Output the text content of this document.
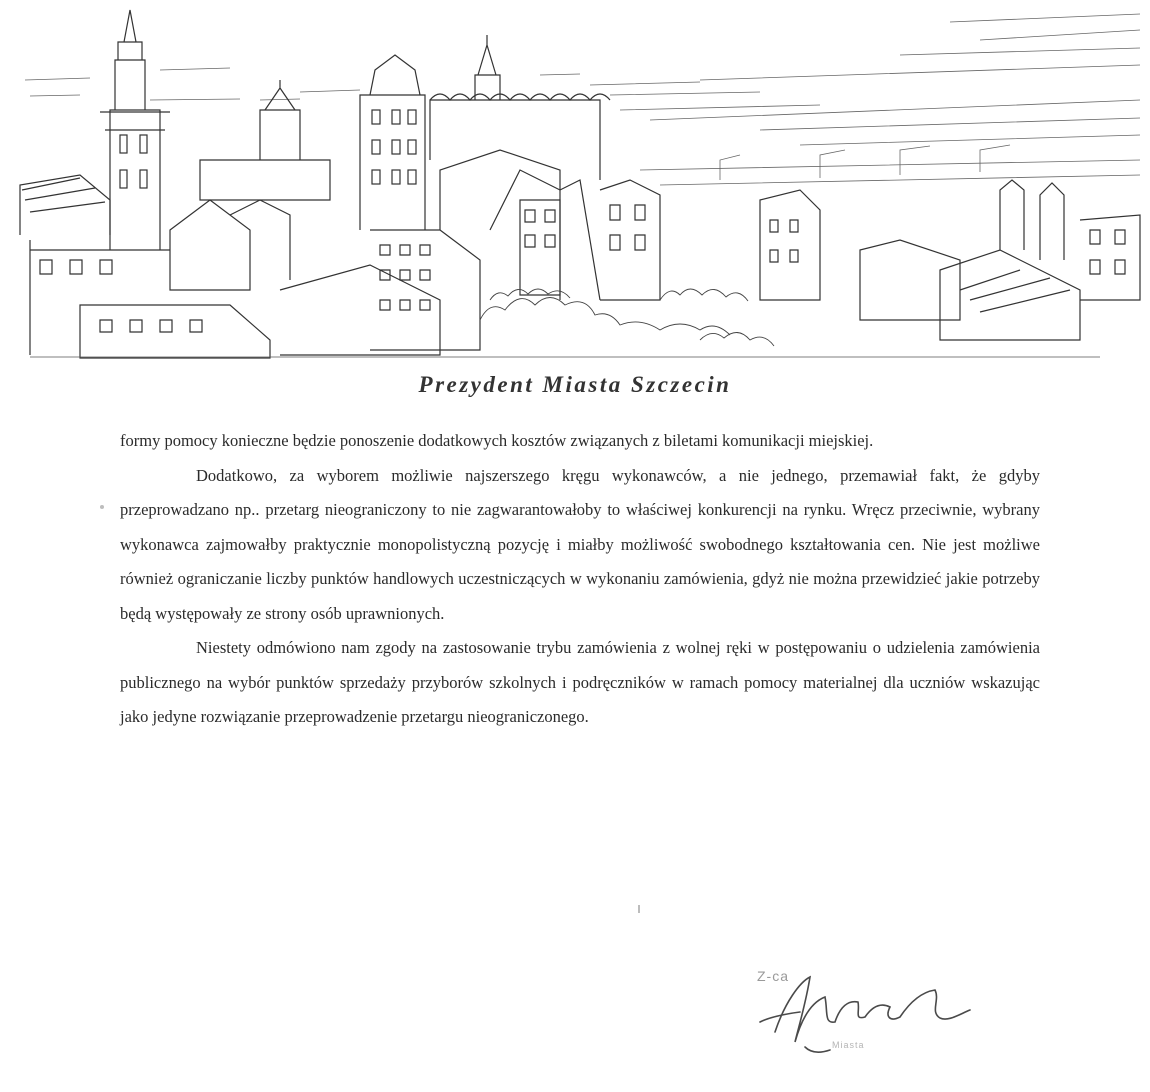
Prezydent Miasta Szczecin

formy pomocy konieczne będzie ponoszenie dodatkowych kosztów związanych z biletami komunikacji miejskiej.

Dodatkowo, za wyborem możliwie najszerszego kręgu wykonawców, a nie jednego, przemawiał fakt, że gdyby przeprowadzano np.. przetarg nieograniczony to nie zagwarantowałoby to właściwej konkurencji na rynku. Wręcz przeciwnie, wybrany wykonawca zajmowałby praktycznie monopolistyczną pozycję i miałby możliwość swobodnego kształtowania cen. Nie jest możliwe również ograniczanie liczby punktów handlowych uczestniczących w wykonaniu zamówienia, gdyż nie można przewidzieć jakie potrzeby będą występowały ze strony osób uprawnionych.

Niestety odmówiono nam zgody na zastosowanie trybu zamówienia z wolnej ręki w postępowaniu o udzielenia zamówienia publicznego na wybór punktów sprzedaży przyborów szkolnych i podręczników w ramach pomocy materialnej dla uczniów wskazując jako jedyne rozwiązanie przeprowadzenie przetargu nieograniczonego.

Z-ca
Miasta
